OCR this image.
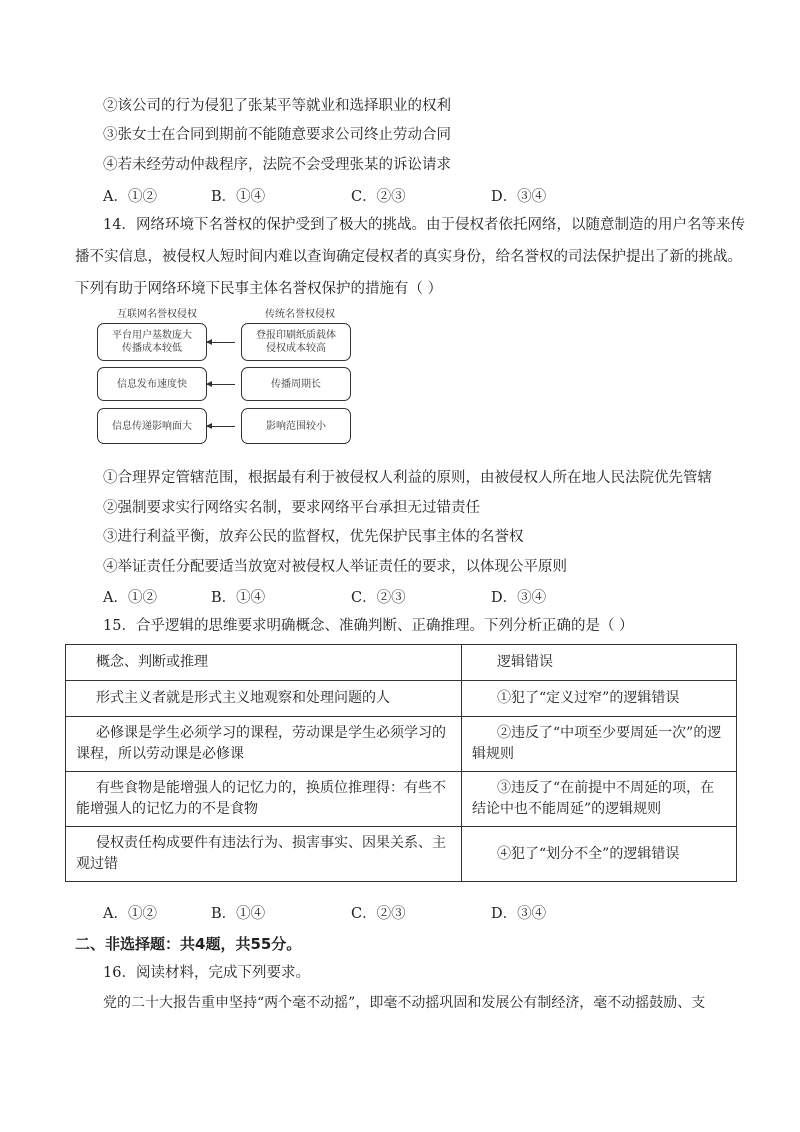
②该公司的行为侵犯了张某平等就业和选择职业的权利
③张女士在合同到期前不能随意要求公司终止劳动合同
④若未经劳动仲裁程序，法院不会受理张某的诉讼请求
A．①②	B．①④	C．②③	D．③④
14．网络环境下名誉权的保护受到了极大的挑战。由于侵权者依托网络，以随意制造的用户名等来传
播不实信息，被侵权人短时间内难以查询确定侵权者的真实身份，给名誉权的司法保护提出了新的挑战。
下列有助于网络环境下民事主体名誉权保护的措施有（ ）
互联网名誉权侵权	传统名誉权侵权
平台用户基数庞大
传播成本较低
信息发布速度快
信息传递影响面大
登报印刷纸质载体
侵权成本较高
传播周期长
影响范围较小
①合理界定管辖范围，根据最有利于被侵权人利益的原则，由被侵权人所在地人民法院优先管辖
②强制要求实行网络实名制，要求网络平台承担无过错责任
③进行利益平衡，放弃公民的监督权，优先保护民事主体的名誉权
④举证责任分配要适当放宽对被侵权人举证责任的要求，以体现公平原则
A．①②	B．①④	C．②③	D．③④
15．合乎逻辑的思维要求明确概念、准确判断、正确推理。下列分析正确的是（ ）
概念、判断或推理	逻辑错误
形式主义者就是形式主义地观察和处理问题的人	①犯了“定义过窄”的逻辑错误
必修课是学生必须学习的课程，劳动课是学生必须学习的课程，所以劳动课是必修课	②违反了“中项至少要周延一次”的逻辑规则
有些食物是能增强人的记忆力的，换质位推理得：有些不能增强人的记忆力的不是食物	③违反了“在前提中不周延的项，在结论中也不能周延”的逻辑规则
侵权责任构成要件有违法行为、损害事实、因果关系、主观过错	④犯了“划分不全”的逻辑错误
A．①②	B．①④	C．②③	D．③④
二、非选择题：共4题，共55分。
16．阅读材料，完成下列要求。
党的二十大报告重申坚持“两个毫不动摇”，即毫不动摇巩固和发展公有制经济，毫不动摇鼓励、支
